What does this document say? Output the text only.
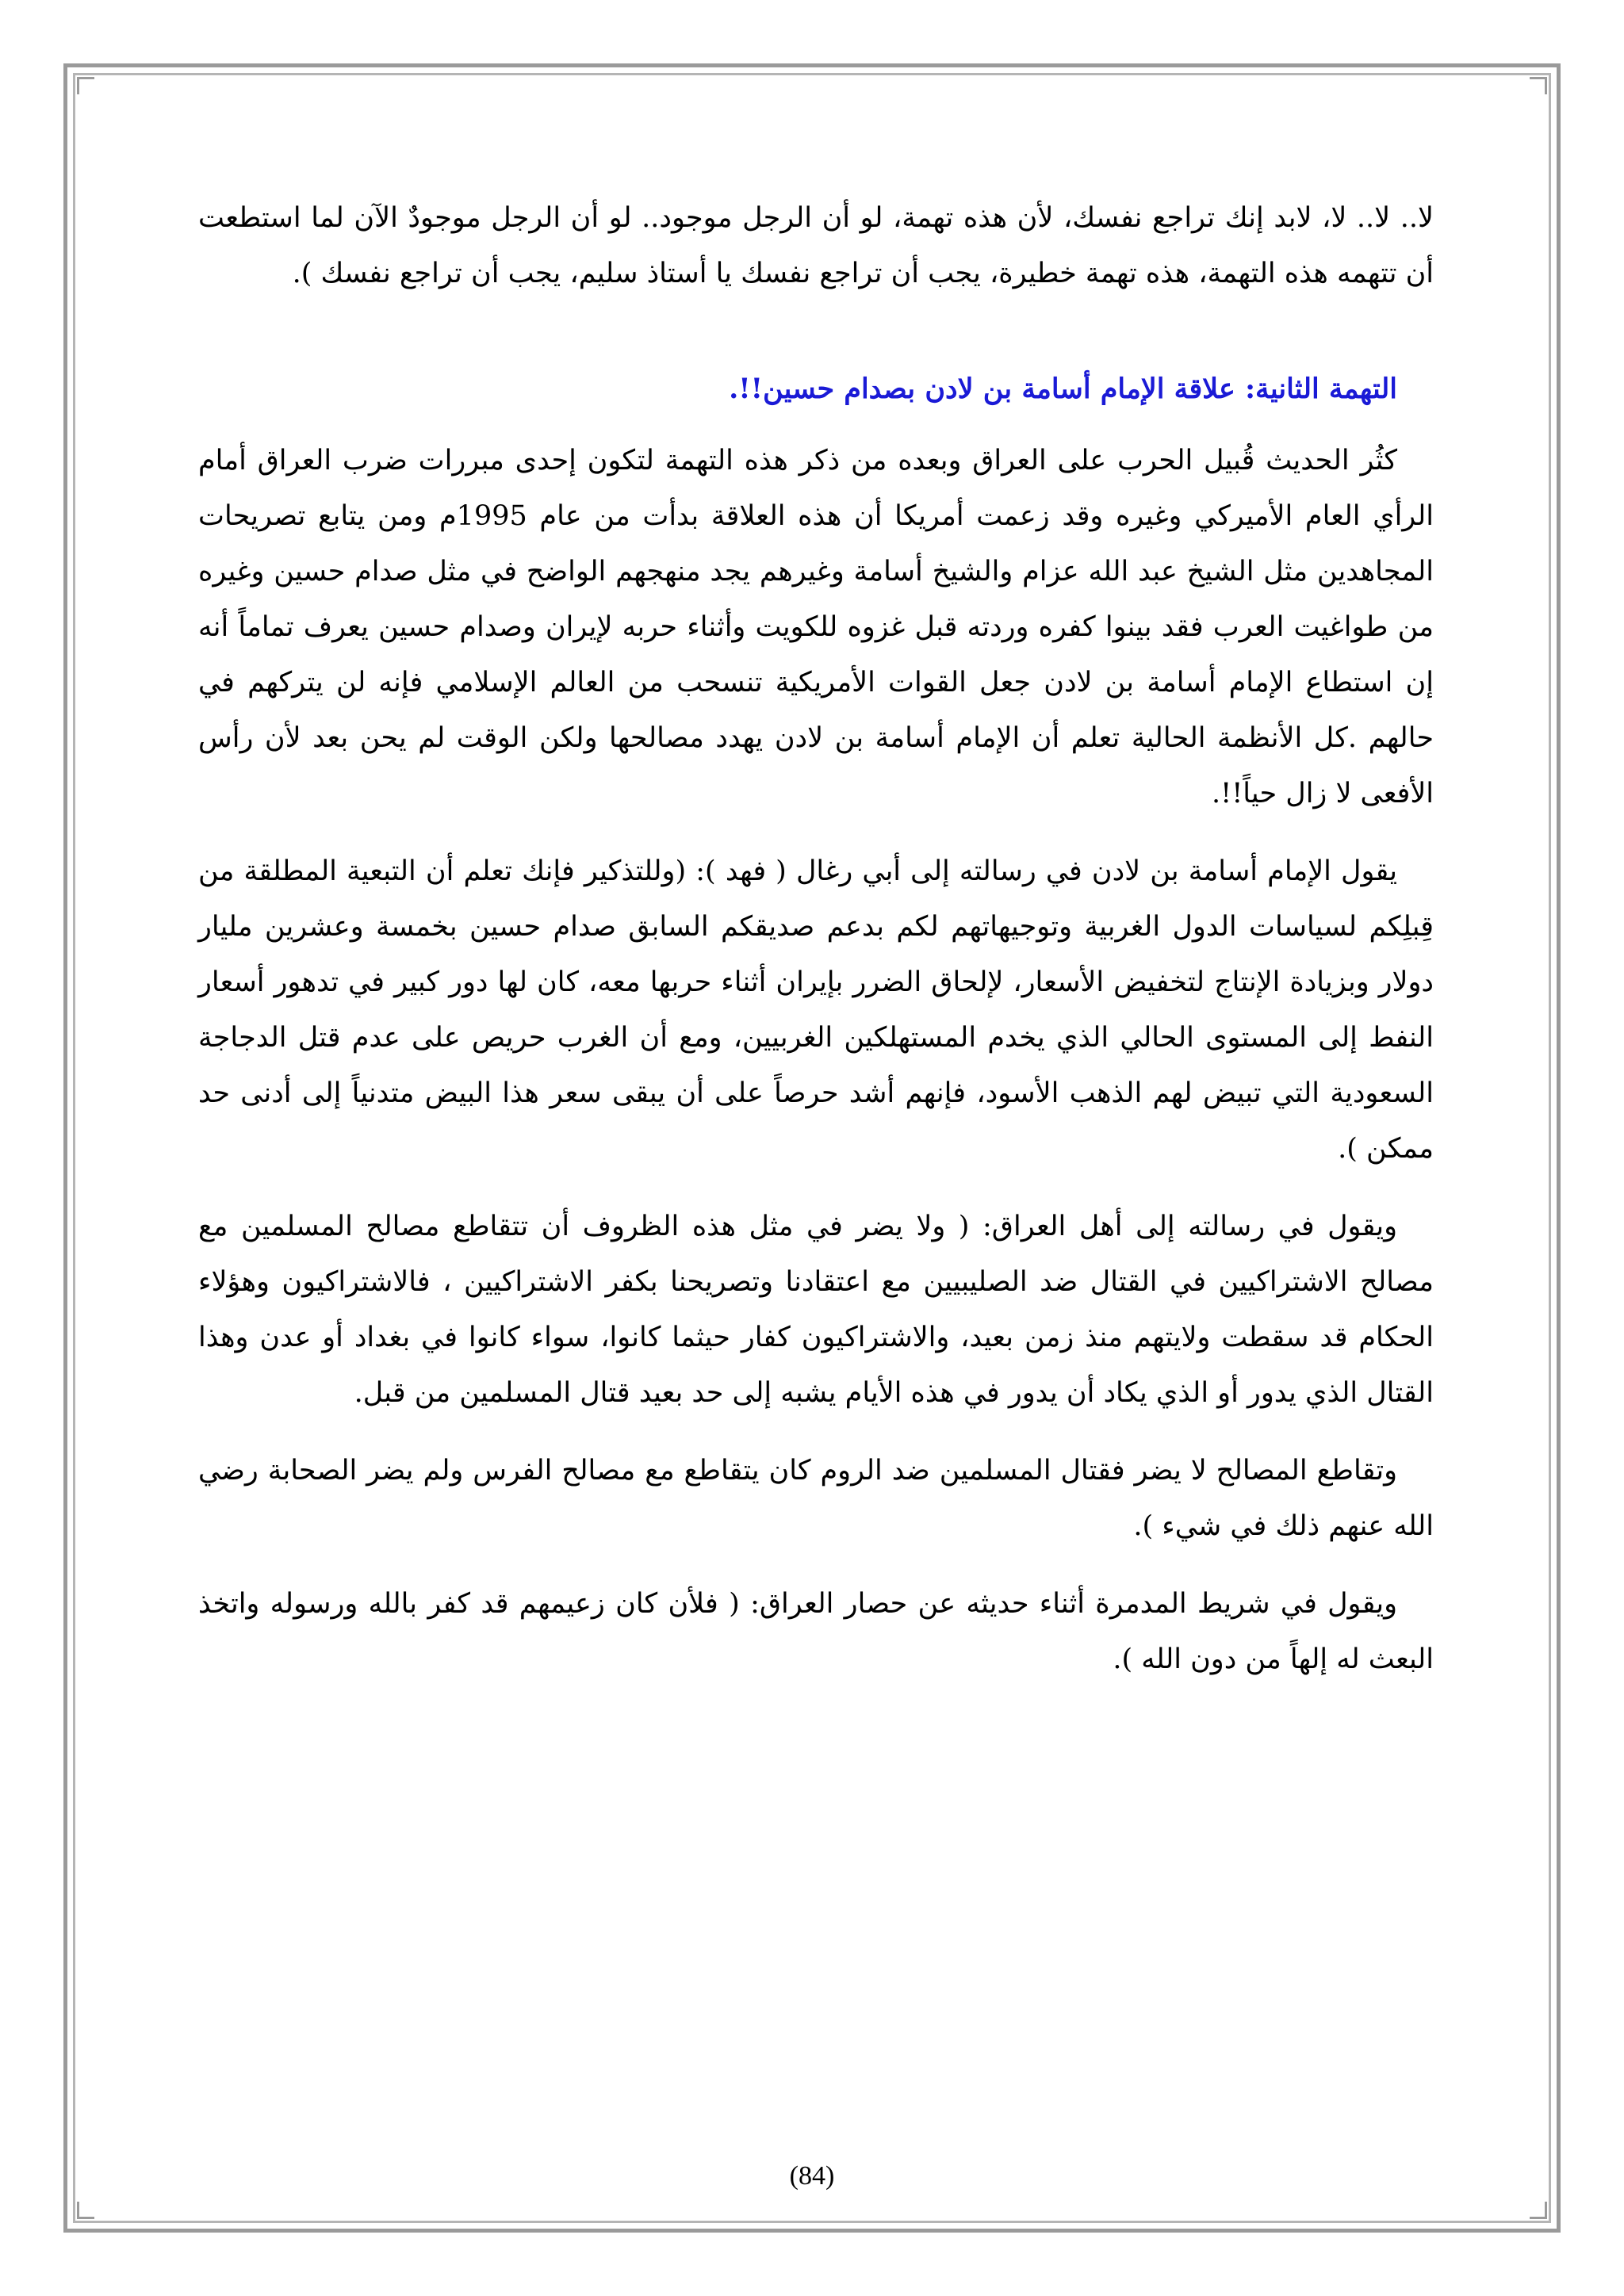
لا.. لا.. لا، لابد إنك تراجع نفسك، لأن هذه تهمة، لو أن الرجل موجود.. لو أن الرجل موجودٌ الآن لما استطعت أن تتهمه هذه التهمة، هذه تهمة خطيرة، يجب أن تراجع نفسك يا أستاذ سليم، يجب أن تراجع نفسك ).

التهمة الثانية: علاقة الإمام أسامة بن لادن بصدام حسين!!.

كثُر الحديث قُبيل الحرب على العراق وبعده من ذكر هذه التهمة لتكون إحدى مبررات ضرب العراق أمام الرأي العام الأميركي وغيره وقد زعمت أمريكا أن هذه العلاقة بدأت من عام 1995م ومن يتابع تصريحات المجاهدين مثل الشيخ عبد الله عزام والشيخ أسامة وغيرهم يجد منهجهم الواضح في مثل صدام حسين وغيره من طواغيت العرب فقد بينوا كفره وردته قبل غزوه للكويت وأثناء حربه لإيران وصدام حسين يعرف تماماً أنه إن استطاع الإمام أسامة بن لادن جعل القوات الأمريكية تنسحب من العالم الإسلامي فإنه لن يتركهم في حالهم .كل الأنظمة الحالية تعلم أن الإمام أسامة بن لادن يهدد مصالحها ولكن الوقت لم يحن بعد لأن رأس الأفعى لا زال حياً!!.

يقول الإمام أسامة بن لادن في رسالته إلى أبي رغال ( فهد ): (وللتذكير فإنك تعلم أن التبعية المطلقة من قِبلِكم لسياسات الدول الغربية وتوجيهاتهم لكم بدعم صديقكم السابق صدام حسين بخمسة وعشرين مليار دولار وبزيادة الإنتاج لتخفيض الأسعار، لإلحاق الضرر بإيران أثناء حربها معه، كان لها دور كبير في تدهور أسعار النفط إلى المستوى الحالي الذي يخدم المستهلكين الغربيين، ومع أن الغرب حريص على عدم قتل الدجاجة السعودية التي تبيض لهم الذهب الأسود، فإنهم أشد حرصاً على أن يبقى سعر هذا البيض متدنياً إلى أدنى حد ممكن ).

ويقول في رسالته إلى أهل العراق: ( ولا يضر في مثل هذه الظروف أن تتقاطع مصالح المسلمين مع مصالح الاشتراكيين في القتال ضد الصليبيين مع اعتقادنا وتصريحنا بكفر الاشتراكيين ، فالاشتراكيون وهؤلاء الحكام قد سقطت ولايتهم منذ زمن بعيد، والاشتراكيون كفار حيثما كانوا، سواء كانوا في بغداد أو عدن وهذا القتال الذي يدور أو الذي يكاد أن يدور في هذه الأيام يشبه إلى حد بعيد قتال المسلمين من قبل.

وتقاطع المصالح لا يضر فقتال المسلمين ضد الروم كان يتقاطع مع مصالح الفرس ولم يضر الصحابة رضي الله عنهم ذلك في شيء ).

ويقول في شريط المدمرة أثناء حديثه عن حصار العراق: ( فلأن كان زعيمهم قد كفر بالله ورسوله واتخذ البعث له إلهاً من دون الله ).

(84)
